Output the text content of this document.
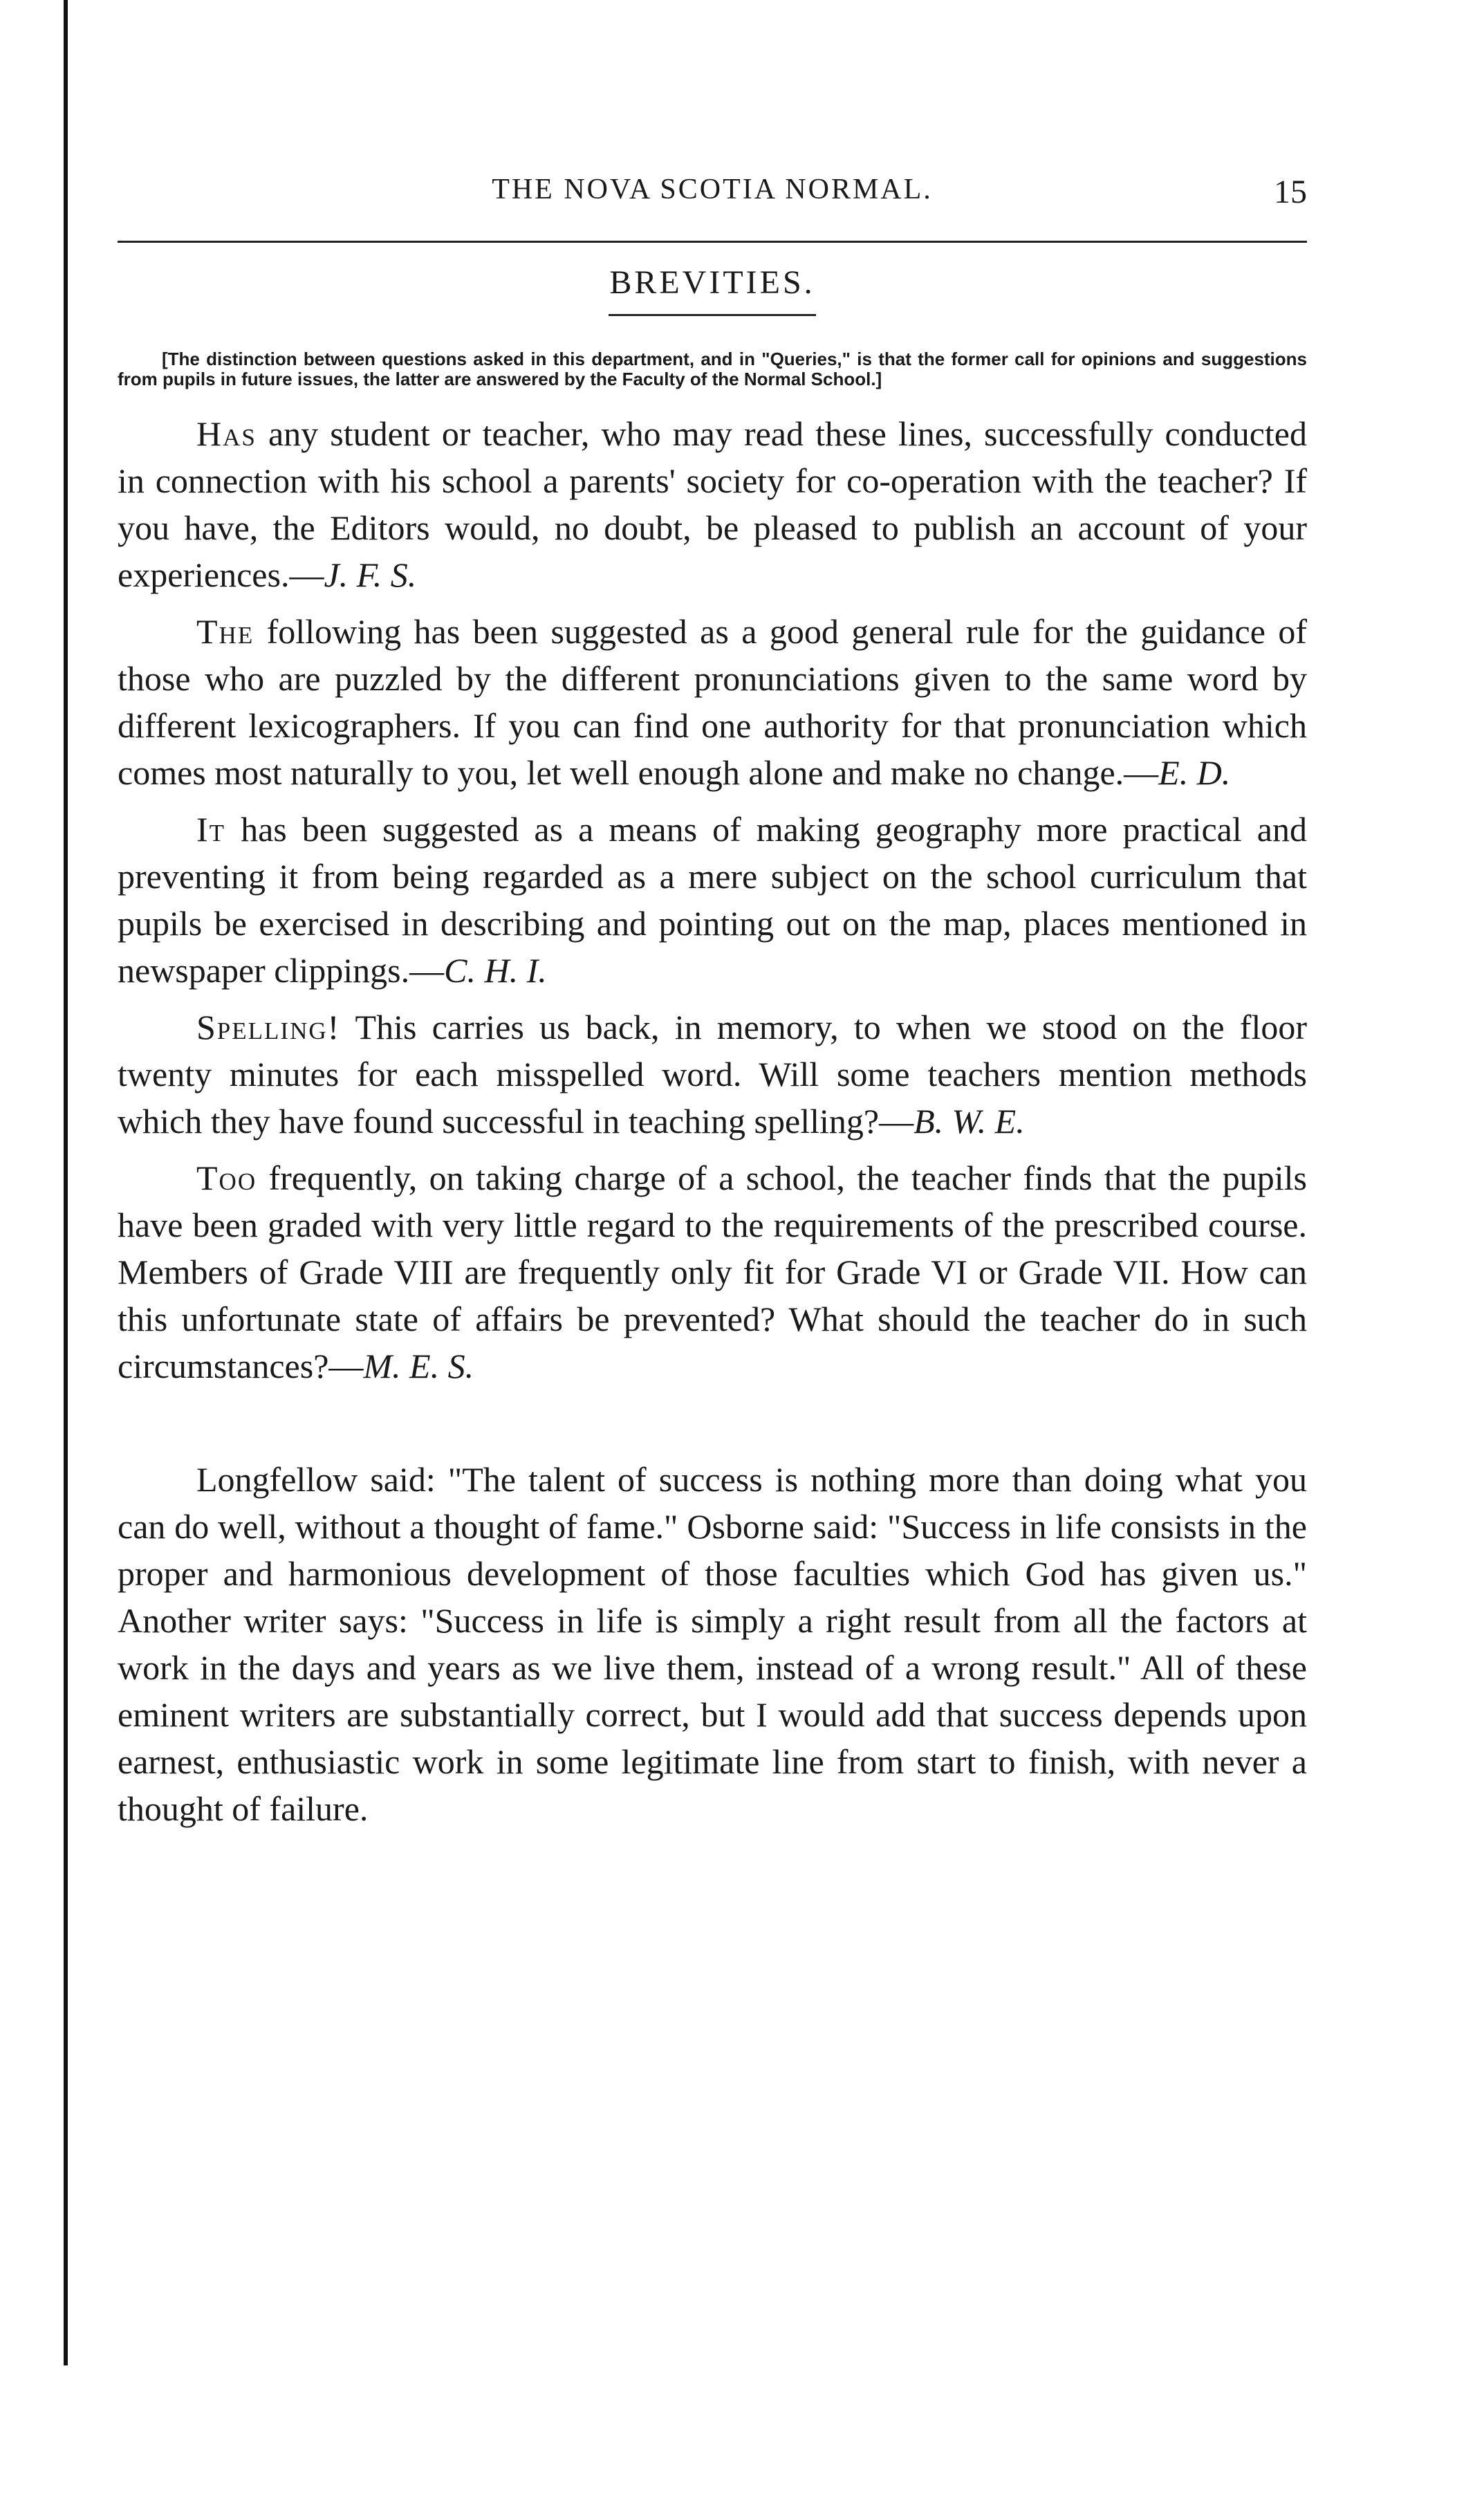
THE NOVA SCOTIA NORMAL.	15
BREVITIES.
[The distinction between questions asked in this department, and in "Queries," is that the former call for opinions and suggestions from pupils in future issues, the latter are answered by the Faculty of the Normal School.]

Has any student or teacher, who may read these lines, successfully conducted in connection with his school a parents' society for co-operation with the teacher? If you have, the Editors would, no doubt, be pleased to publish an account of your experiences.—J. F. S.

The following has been suggested as a good general rule for the guidance of those who are puzzled by the different pronunciations given to the same word by different lexicographers. If you can find one authority for that pronunciation which comes most naturally to you, let well enough alone and make no change.—E. D.

It has been suggested as a means of making geography more practical and preventing it from being regarded as a mere subject on the school curriculum that pupils be exercised in describing and pointing out on the map, places mentioned in newspaper clippings.—C. H. I.

Spelling! This carries us back, in memory, to when we stood on the floor twenty minutes for each misspelled word. Will some teachers mention methods which they have found successful in teaching spelling?—B. W. E.

Too frequently, on taking charge of a school, the teacher finds that the pupils have been graded with very little regard to the requirements of the prescribed course. Members of Grade VIII are frequently only fit for Grade VI or Grade VII. How can this unfortunate state of affairs be prevented? What should the teacher do in such circumstances?—M. E. S.

Longfellow said: "The talent of success is nothing more than doing what you can do well, without a thought of fame." Osborne said: "Success in life consists in the proper and harmonious development of those faculties which God has given us." Another writer says: "Success in life is simply a right result from all the factors at work in the days and years as we live them, instead of a wrong result." All of these eminent writers are substantially correct, but I would add that success depends upon earnest, enthusiastic work in some legitimate line from start to finish, with never a thought of failure.
